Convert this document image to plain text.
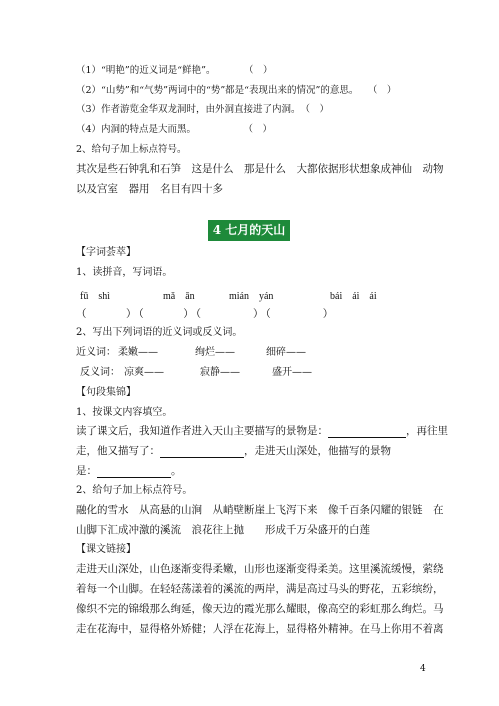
（1）“明艳”的近义词是“鲜艳”。　　　　（　）
（2）“山势”和“气势”两词中的“势”都是“表现出来的情况”的意思。　　（　）
（3）作者游览金华双龙洞时，由外洞直接进了内洞。　（　）
（4）内洞的特点是大而黑。　　　　　　（　）
2、给句子加上标点符号。
其次是些石钟乳和石笋　这是什么　那是什么　大都依据形状想象成神仙　动物
以及宫室　器用　名目有四十多
4 七月的天山
【字词荟萃】
1、读拼音，写词语。
fū　shì	mǎ　ān	mián　yán	bái　ái　ái
（　　　）（　　　）（　　　　）（　　　　）
2、写出下列词语的近义词或反义词。
近义词： 柔嫩——	绚烂——	细碎——
反义词： 凉爽——	寂静——	盛开——
【句段集锦】
1、按课文内容填空。
读了课文后，我知道作者进入天山主要描写的景物是：	，再往里
走，他又描写了：	，走进天山深处，他描写的景物
是：	。
2、给句子加上标点符号。
融化的雪水　从高悬的山涧　从峭壁断崖上飞泻下来　像千百条闪耀的银链　在
山脚下汇成冲激的溪流　浪花往上抛　　形成千万朵盛开的白莲
【课文链接】
走进天山深处，山色逐渐变得柔嫩，山形也逐渐变得柔美。这里溪流缓慢，萦绕
着每一个山脚。在轻轻荡漾着的溪流的两岸，满是高过马头的野花，五彩缤纷，
像织不完的锦缎那么绚延，像天边的霞光那么耀眼，像高空的彩虹那么绚烂。马
走在花海中，显得格外矫健；人浮在花海上，显得格外精神。在马上你用不着离
4
